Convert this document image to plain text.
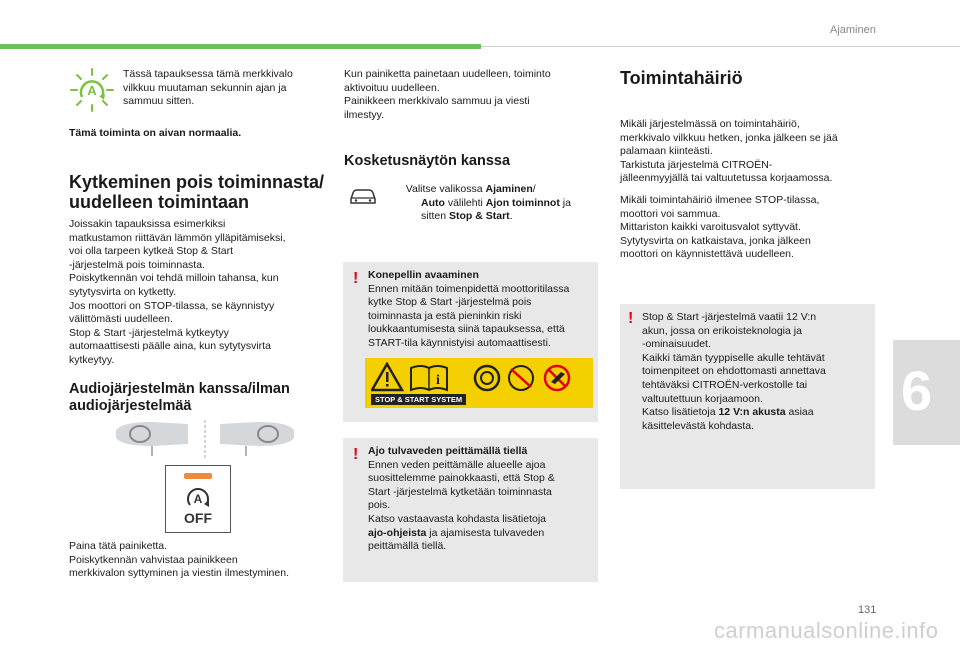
Ajaminen
A

Tässä tapauksessa tämä merkkivalo vilkkuu muutaman sekunnin ajan ja sammuu sitten.

Tämä toiminta on aivan normaalia.

Kytkeminen pois toiminnasta/ uudelleen toimintaan

Joissakin tapauksissa esimerkiksi

matkustamon riittävän lämmön ylläpitämiseksi,

voi olla tarpeen kytkeä Stop & Start

-järjestelmä pois toiminnasta.

Poiskytkennän voi tehdä milloin tahansa, kun

sytytysvirta on kytketty.

Jos moottori on STOP-tilassa, se käynnistyy

välittömästi uudelleen.

Stop & Start -järjestelmä kytkeytyy

automaattisesti päälle aina, kun sytytysvirta

kytkeytyy.

Audiojärjestelmän kanssa/ilman audiojärjestelmää
A
OFF

Paina tätä painiketta.

Poiskytkennän vahvistaa painikkeen

merkkivalon syttyminen ja viestin ilmestyminen.

Kun painiketta painetaan uudelleen, toiminto

aktivoituu uudelleen.

Painikkeen merkkivalo sammuu ja viesti

ilmestyy.

Kosketusnäytön kanssa

Valitse valikossa Ajaminen/

Auto välilehti Ajon toiminnot ja

sitten Stop & Start.

! Konepellin avaaminen

Ennen mitään toimenpidettä moottoritilassa

kytke Stop & Start -järjestelmä pois

toiminnasta ja estä pieninkin riski

loukkaantumisesta siinä tapauksessa, että

START-tila käynnistyisi automaattisesti.

i
STOP & START SYSTEM
! Ajo tulvaveden peittämällä tiellä

Ennen veden peittämälle alueelle ajoa

suosittelemme painokkaasti, että Stop &

Start -järjestelmä kytketään toiminnasta

pois.

Katso vastaavasta kohdasta lisätietoja

ajo-ohjeista ja ajamisesta tulvaveden

peittämällä tiellä.

Toimintahäiriö

Mikäli järjestelmässä on toimintahäiriö,

merkkivalo vilkkuu hetken, jonka jälkeen se jää

palamaan kiinteästi.

Tarkistuta järjestelmä CITROËN-

jälleenmyyjällä tai valtuutetussa korjaamossa.

Mikäli toimintahäiriö ilmenee STOP-tilassa,

moottori voi sammua.

Mittariston kaikki varoitusvalot syttyvät.

Sytytysvirta on katkaistava, jonka jälkeen

moottori on käynnistettävä uudelleen.

! Stop & Start -järjestelmä vaatii 12 V:n

akun, jossa on erikoisteknologia ja

-ominaisuudet.

Kaikki tämän tyyppiselle akulle tehtävät

toimenpiteet on ehdottomasti annettava

tehtäväksi CITROËN-verkostolle tai

valtuutettuun korjaamoon.

Katso lisätietoja 12 V:n akusta asiaa

käsittelevästä kohdasta.

6
131
carmanualsonline.info
